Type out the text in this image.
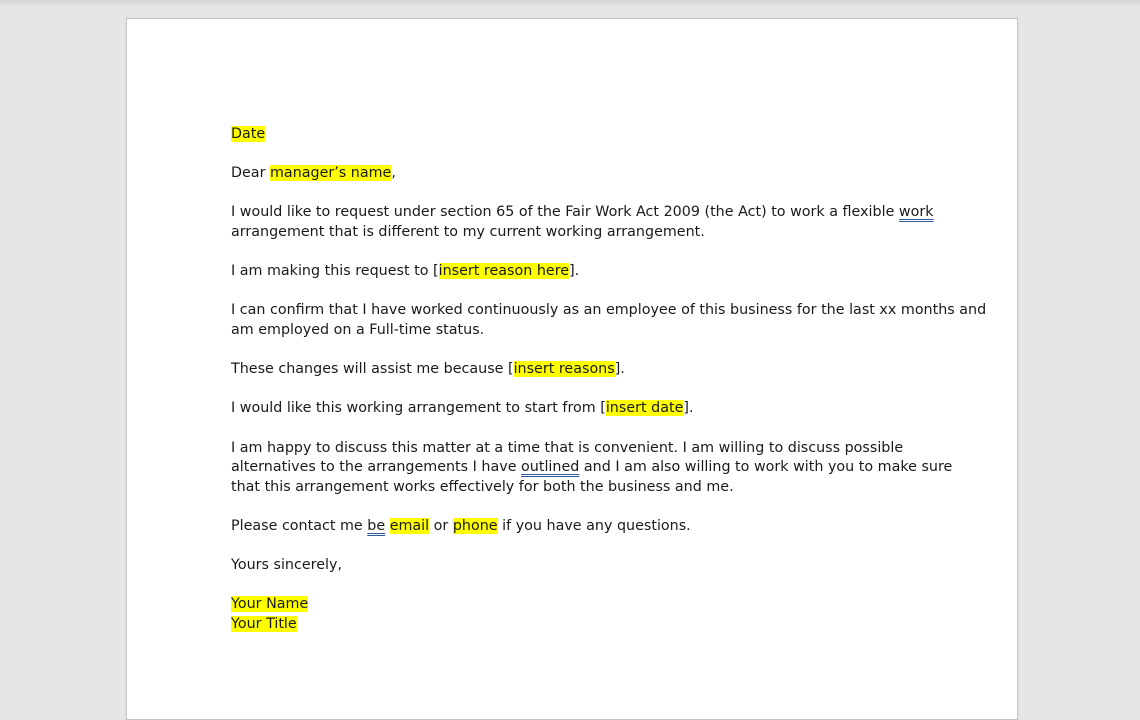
Date

Dear manager’s name,

I would like to request under section 65 of the Fair Work Act 2009 (the Act) to work a flexible work
arrangement that is different to my current working arrangement.

I am making this request to [insert reason here].

I can confirm that I have worked continuously as an employee of this business for the last xx months and
am employed on a Full-time status.

These changes will assist me because [insert reasons].

I would like this working arrangement to start from [insert date].

I am happy to discuss this matter at a time that is convenient. I am willing to discuss possible
alternatives to the arrangements I have outlined and I am also willing to work with you to make sure
that this arrangement works effectively for both the business and me.

Please contact me be email or phone if you have any questions.

Yours sincerely,

Your Name

Your Title
